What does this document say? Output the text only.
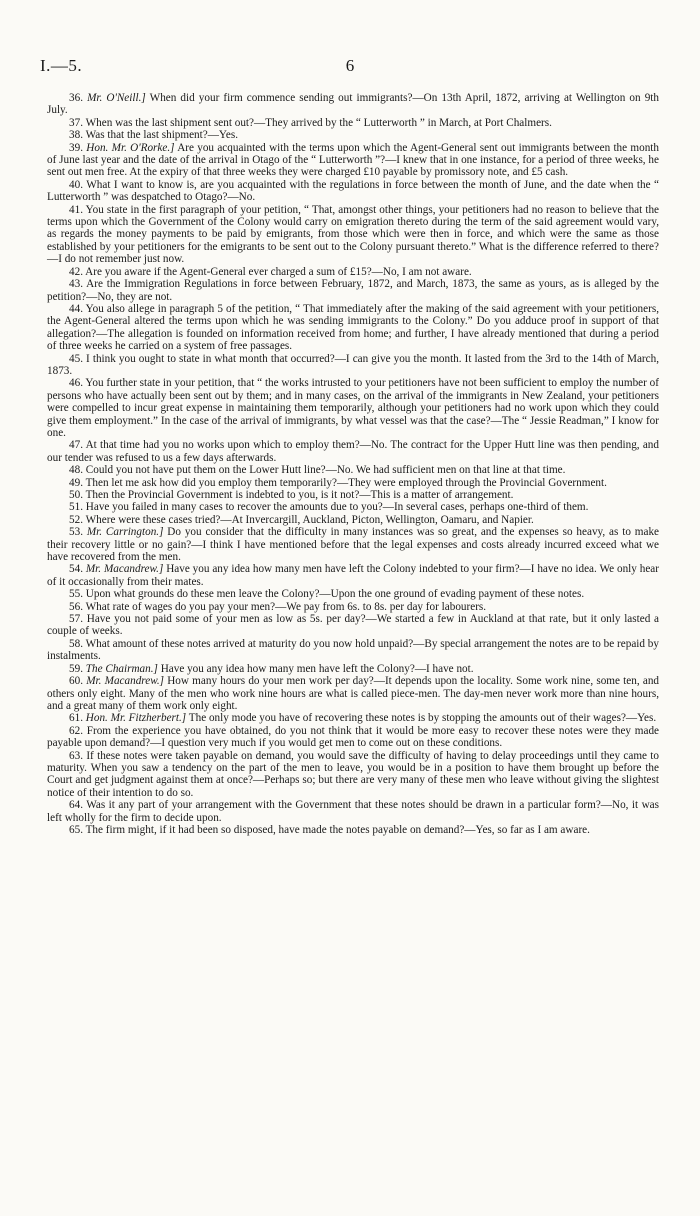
I.—5.	6

36. Mr. O'Neill.] When did your firm commence sending out immigrants?—On 13th April, 1872, arriving at Wellington on 9th July.

37. When was the last shipment sent out?—They arrived by the “ Lutterworth ” in March, at Port Chalmers.

38. Was that the last shipment?—Yes.

39. Hon. Mr. O'Rorke.] Are you acquainted with the terms upon which the Agent-General sent out immigrants between the month of June last year and the date of the arrival in Otago of the “ Lutterworth ”?—I knew that in one instance, for a period of three weeks, he sent out men free. At the expiry of that three weeks they were charged £10 payable by promissory note, and £5 cash.

40. What I want to know is, are you acquainted with the regulations in force between the month of June, and the date when the “ Lutterworth ” was despatched to Otago?—No.

41. You state in the first paragraph of your petition, “ That, amongst other things, your petitioners had no reason to believe that the terms upon which the Government of the Colony would carry on emigration thereto during the term of the said agreement would vary, as regards the money payments to be paid by emigrants, from those which were then in force, and which were the same as those established by your petitioners for the emigrants to be sent out to the Colony pursuant thereto.” What is the difference referred to there?—I do not remember just now.

42. Are you aware if the Agent-General ever charged a sum of £15?—No, I am not aware.

43. Are the Immigration Regulations in force between February, 1872, and March, 1873, the same as yours, as is alleged by the petition?—No, they are not.

44. You also allege in paragraph 5 of the petition, “ That immediately after the making of the said agreement with your petitioners, the Agent-General altered the terms upon which he was sending immigrants to the Colony.” Do you adduce proof in support of that allegation?—The allegation is founded on information received from home; and further, I have already mentioned that during a period of three weeks he carried on a system of free passages.

45. I think you ought to state in what month that occurred?—I can give you the month. It lasted from the 3rd to the 14th of March, 1873.

46. You further state in your petition, that “ the works intrusted to your petitioners have not been sufficient to employ the number of persons who have actually been sent out by them; and in many cases, on the arrival of the immigrants in New Zealand, your petitioners were compelled to incur great expense in maintaining them temporarily, although your petitioners had no work upon which they could give them employment.” In the case of the arrival of immigrants, by what vessel was that the case?—The “ Jessie Readman,” I know for one.

47. At that time had you no works upon which to employ them?—No. The contract for the Upper Hutt line was then pending, and our tender was refused to us a few days afterwards.

48. Could you not have put them on the Lower Hutt line?—No. We had sufficient men on that line at that time.

49. Then let me ask how did you employ them temporarily?—They were employed through the Provincial Government.

50. Then the Provincial Government is indebted to you, is it not?—This is a matter of arrangement.

51. Have you failed in many cases to recover the amounts due to you?—In several cases, perhaps one-third of them.

52. Where were these cases tried?—At Invercargill, Auckland, Picton, Wellington, Oamaru, and Napier.

53. Mr. Carrington.] Do you consider that the difficulty in many instances was so great, and the expenses so heavy, as to make their recovery little or no gain?—I think I have mentioned before that the legal expenses and costs already incurred exceed what we have recovered from the men.

54. Mr. Macandrew.] Have you any idea how many men have left the Colony indebted to your firm?—I have no idea. We only hear of it occasionally from their mates.

55. Upon what grounds do these men leave the Colony?—Upon the one ground of evading payment of these notes.

56. What rate of wages do you pay your men?—We pay from 6s. to 8s. per day for labourers.

57. Have you not paid some of your men as low as 5s. per day?—We started a few in Auckland at that rate, but it only lasted a couple of weeks.

58. What amount of these notes arrived at maturity do you now hold unpaid?—By special arrangement the notes are to be repaid by instalments.

59. The Chairman.] Have you any idea how many men have left the Colony?—I have not.

60. Mr. Macandrew.] How many hours do your men work per day?—It depends upon the locality. Some work nine, some ten, and others only eight. Many of the men who work nine hours are what is called piece-men. The day-men never work more than nine hours, and a great many of them work only eight.

61. Hon. Mr. Fitzherbert.] The only mode you have of recovering these notes is by stopping the amounts out of their wages?—Yes.

62. From the experience you have obtained, do you not think that it would be more easy to recover these notes were they made payable upon demand?—I question very much if you would get men to come out on these conditions.

63. If these notes were taken payable on demand, you would save the difficulty of having to delay proceedings until they came to maturity. When you saw a tendency on the part of the men to leave, you would be in a position to have them brought up before the Court and get judgment against them at once?—Perhaps so; but there are very many of these men who leave without giving the slightest notice of their intention to do so.

64. Was it any part of your arrangement with the Government that these notes should be drawn in a particular form?—No, it was left wholly for the firm to decide upon.

65. The firm might, if it had been so disposed, have made the notes payable on demand?—Yes, so far as I am aware.
